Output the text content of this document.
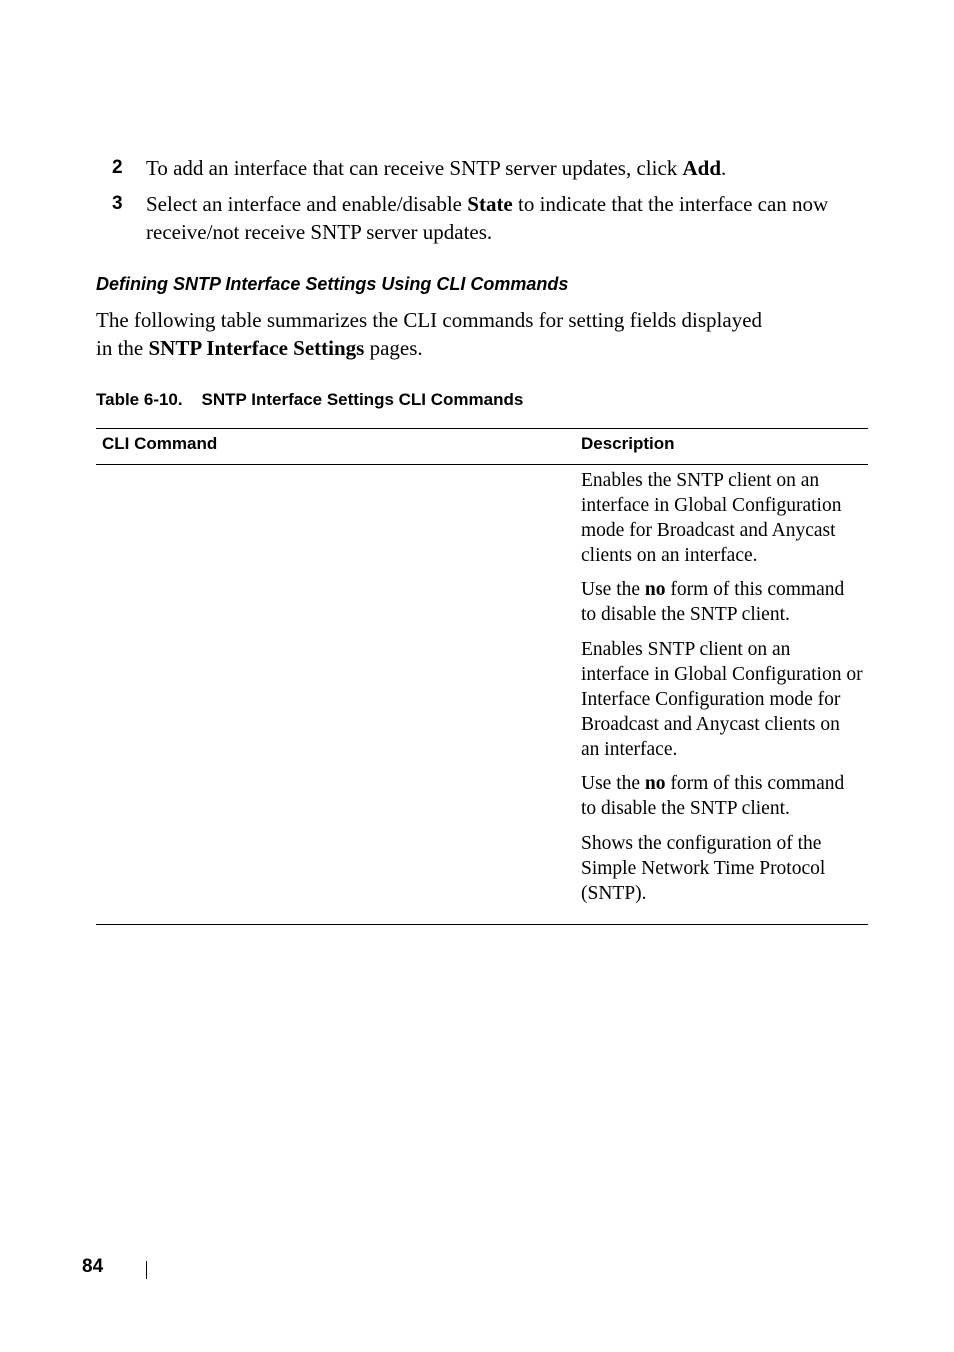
2 To add an interface that can receive SNTP server updates, click Add.
3 Select an interface and enable/disable State to indicate that the interface can now receive/not receive SNTP server updates.
Defining SNTP Interface Settings Using CLI Commands
The following table summarizes the CLI commands for setting fields displayed in the SNTP Interface Settings pages.
Table 6-10.    SNTP Interface Settings CLI Commands
CLI Command	Description

Enables the SNTP client on an interface in Global Configuration mode for Broadcast and Anycast clients on an interface.

Use the no form of this command to disable the SNTP client.

Enables SNTP client on an interface in Global Configuration or Interface Configuration mode for Broadcast and Anycast clients on an interface.

Use the no form of this command to disable the SNTP client.

Shows the configuration of the Simple Network Time Protocol (SNTP).

84
